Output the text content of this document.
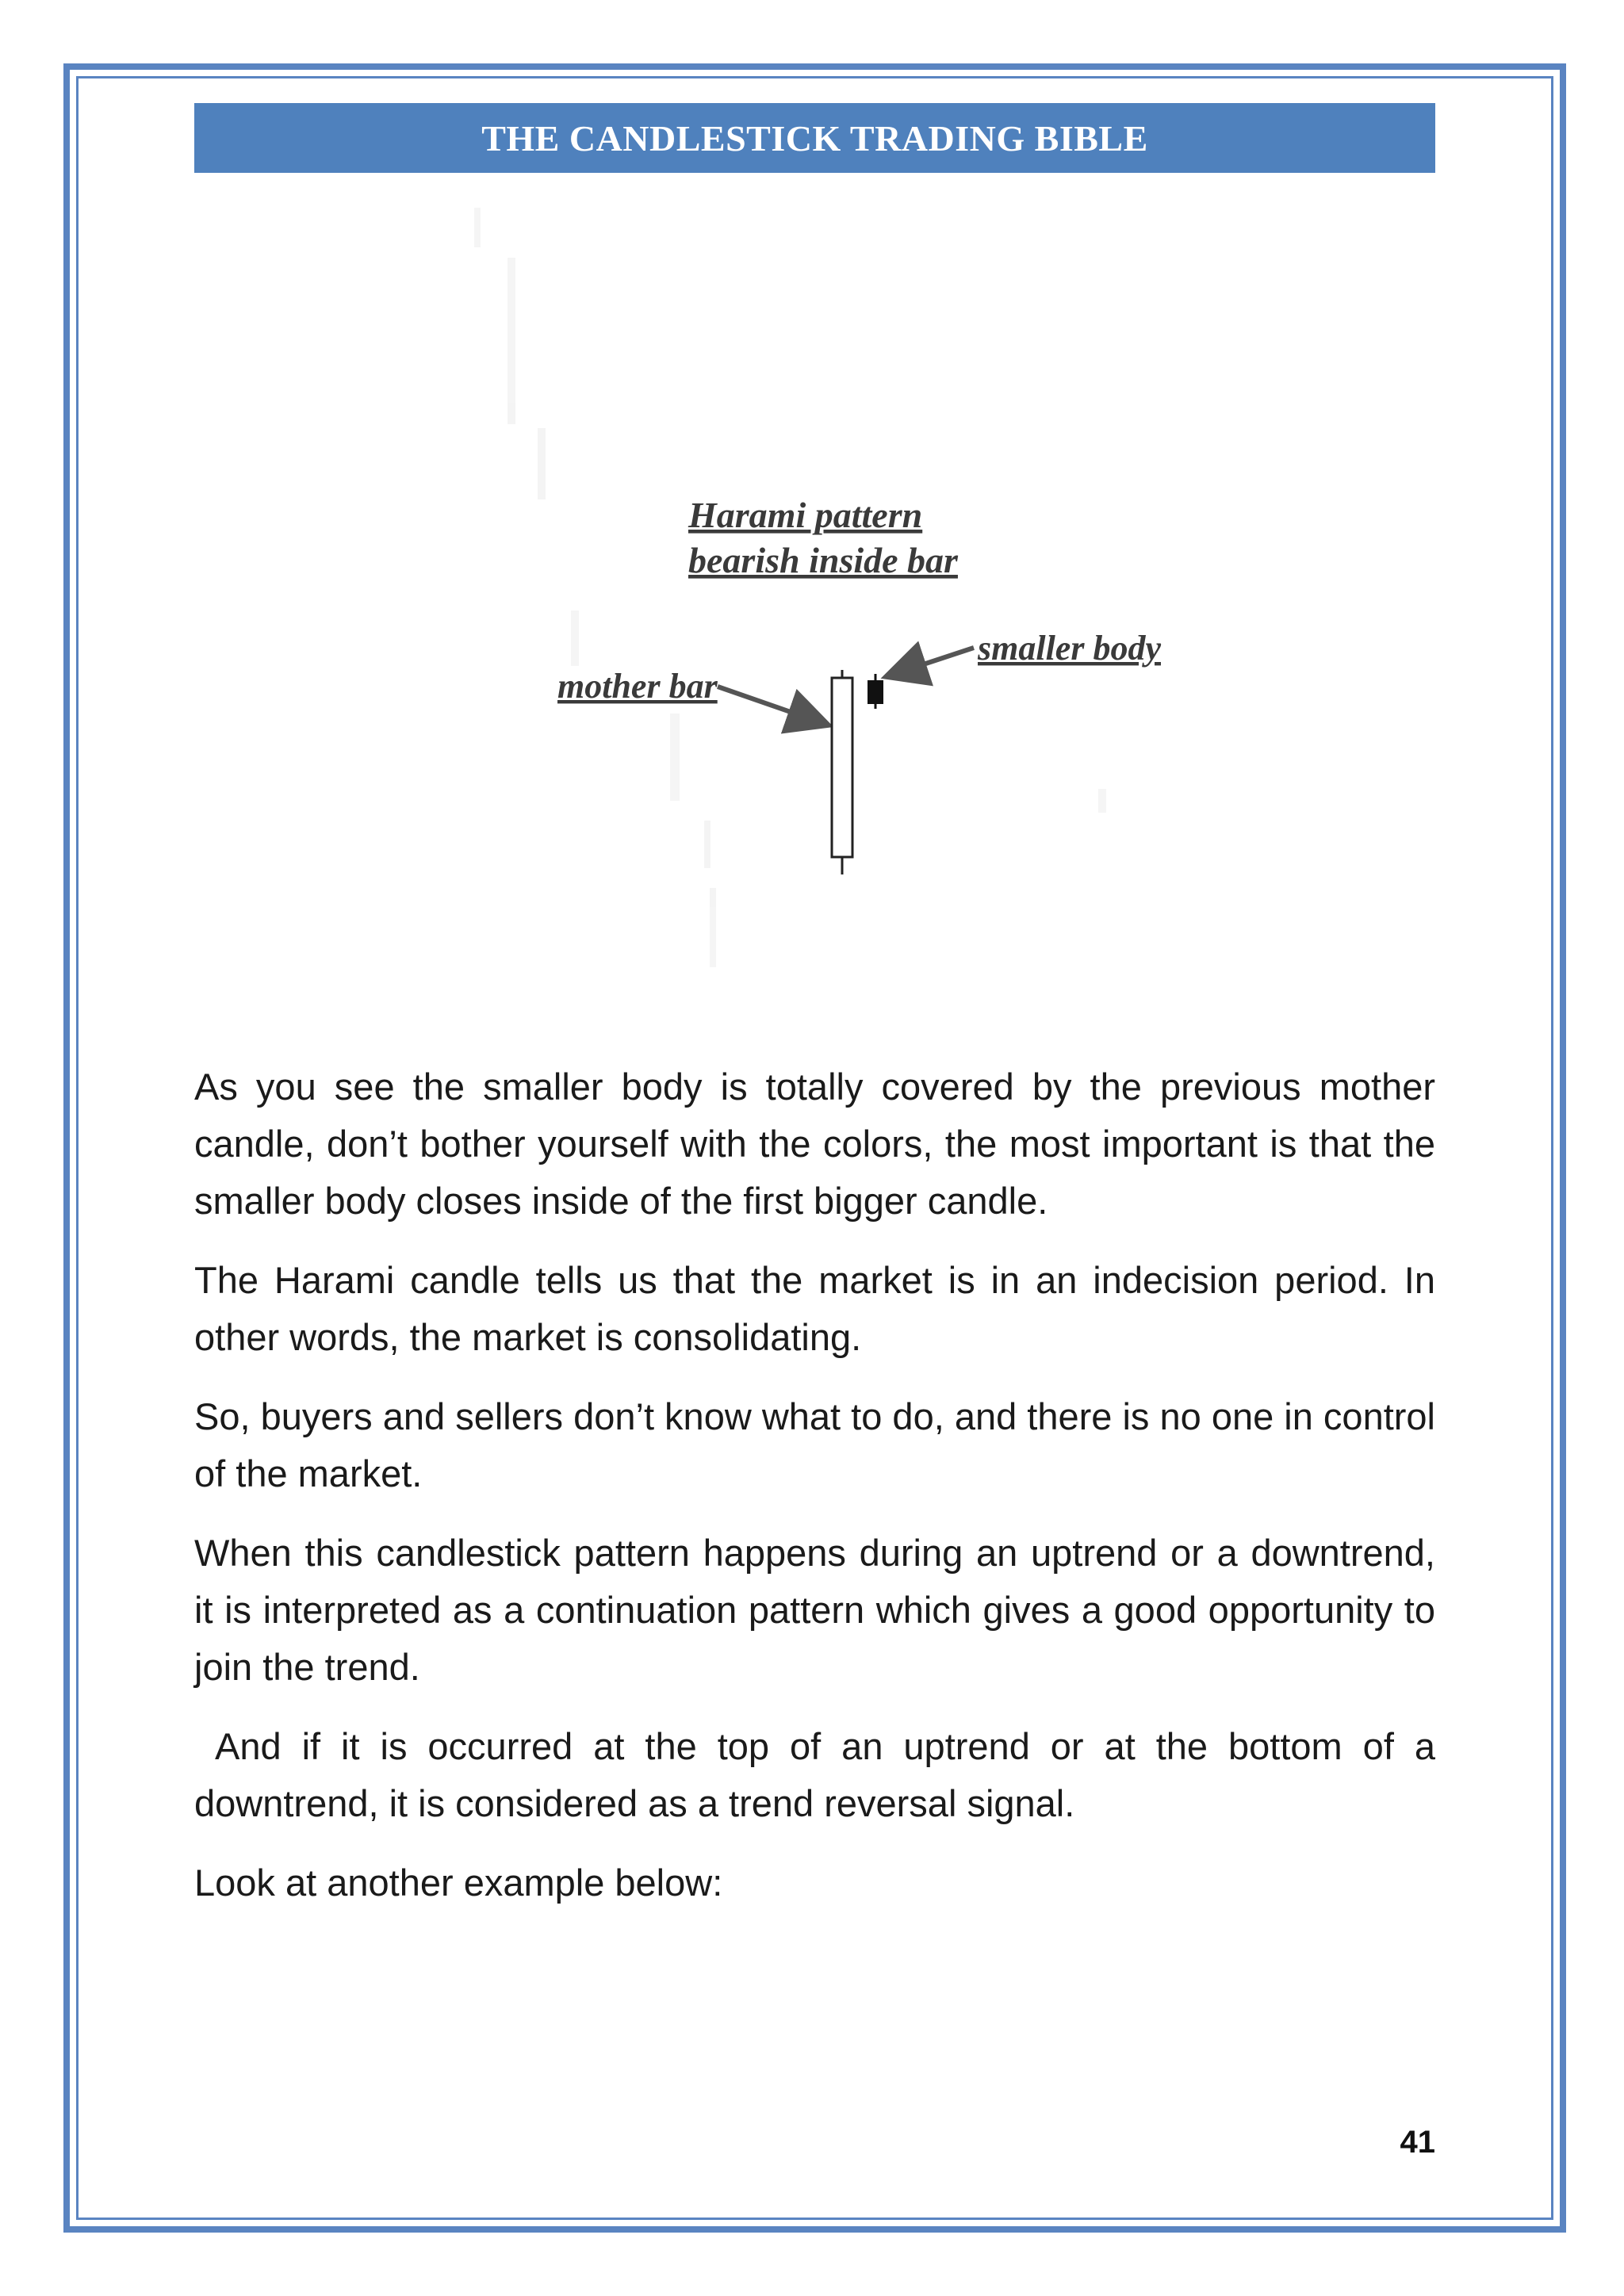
THE CANDLESTICK TRADING BIBLE
Harami pattern
bearish inside bar
mother bar
smaller body

As you see the smaller body is totally covered by the previous mother candle, don’t bother yourself with the colors, the most important is that the smaller body closes inside of the first bigger candle.

The Harami candle tells us that the market is in an indecision period. In other words, the market is consolidating.

So, buyers and sellers don’t know what to do, and there is no one in control of the market.

When this candlestick pattern happens during an uptrend or a downtrend, it is interpreted as a continuation pattern which gives a good opportunity to join the trend.

And if it is occurred at the top of an uptrend or at the bottom of a downtrend, it is considered as a trend reversal signal.

Look at another example below:

41
